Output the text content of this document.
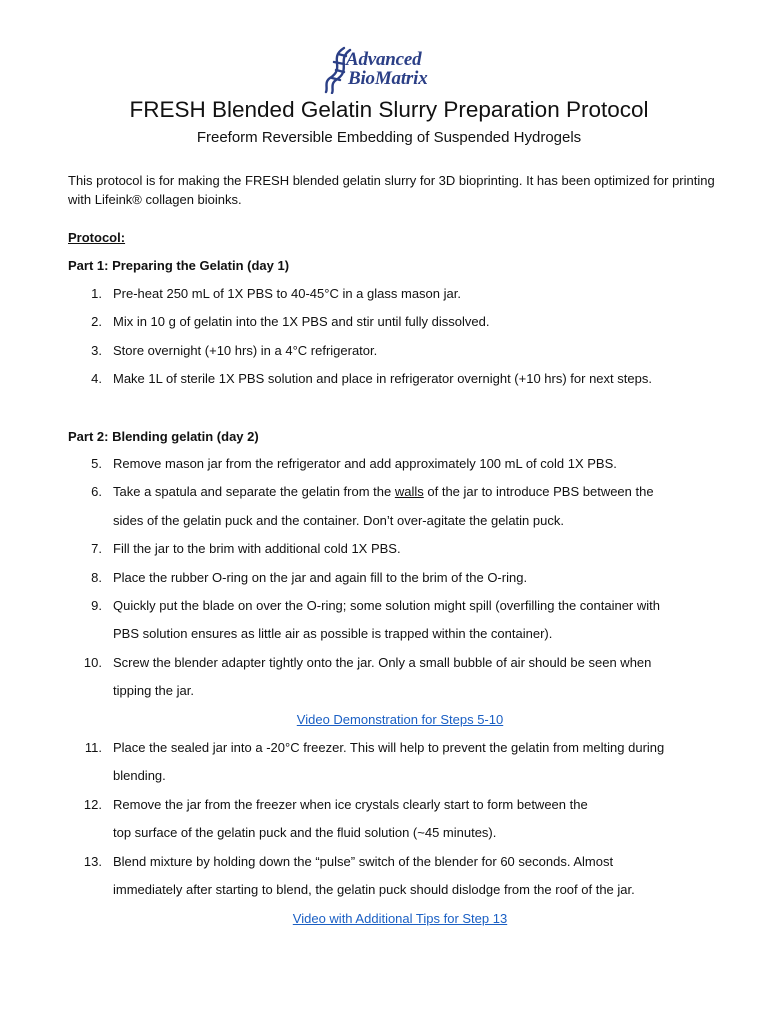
Advanced
BioMatrix
FRESH Blended Gelatin Slurry Preparation Protocol
Freeform Reversible Embedding of Suspended Hydrogels
This protocol is for making the FRESH blended gelatin slurry for 3D bioprinting. It has been optimized for printing with Lifeink® collagen bioinks.
Protocol:
Part 1: Preparing the Gelatin (day 1)
1. Pre-heat 250 mL of 1X PBS to 40-45°C in a glass mason jar.
2. Mix in 10 g of gelatin into the 1X PBS and stir until fully dissolved.
3. Store overnight (+10 hrs) in a 4°C refrigerator.
4. Make 1L of sterile 1X PBS solution and place in refrigerator overnight (+10 hrs) for next steps.
Part 2: Blending gelatin (day 2)
5. Remove mason jar from the refrigerator and add approximately 100 mL of cold 1X PBS.
6. Take a spatula and separate the gelatin from the walls of the jar to introduce PBS between the
sides of the gelatin puck and the container. Don’t over-agitate the gelatin puck.
7. Fill the jar to the brim with additional cold 1X PBS.
8. Place the rubber O-ring on the jar and again fill to the brim of the O-ring.
9. Quickly put the blade on over the O-ring; some solution might spill (overfilling the container with
PBS solution ensures as little air as possible is trapped within the container).
10. Screw the blender adapter tightly onto the jar. Only a small bubble of air should be seen when
tipping the jar.
Video Demonstration for Steps 5-10
11. Place the sealed jar into a -20°C freezer. This will help to prevent the gelatin from melting during
blending.
12. Remove the jar from the freezer when ice crystals clearly start to form between the
top surface of the gelatin puck and the fluid solution (~45 minutes).
13. Blend mixture by holding down the “pulse” switch of the blender for 60 seconds. Almost
immediately after starting to blend, the gelatin puck should dislodge from the roof of the jar.
Video with Additional Tips for Step 13
